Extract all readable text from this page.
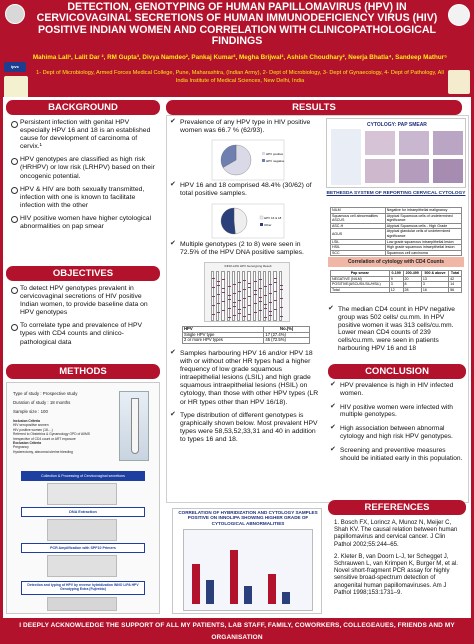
ipvc
DETECTION, GENOTYPING OF HUMAN PAPILLOMAVIRUS (HPV) IN CERVICOVAGINAL SECRETIONS OF HUMAN IMMUNODEFICIENCY VIRUS (HIV) POSITIVE INDIAN WOMEN AND CORRELATION WITH CLINICOPATHOLOGICAL FINDINGS
Mahima Lall¹, Lalit Dar ², RM Gupta³, Divya Namdeo², Pankaj Kumar², Megha Brijwal², Ashish Choudhary², Neerja Bhatla⁴, Sandeep Mathur⁵
1- Dept of Microbiology, Armed Forces Medical College, Pune, Maharashtra, (Indian Army), 2- Dept of Microbiology, 3- Dept of Gynaecology, 4- Dept of Pathology, All India Institute of Medical Sciences, New Delhi, India
BACKGROUND
Persistent infection with genital HPV especially HPV 16 and 18 is an established cause for development of carcinoma of cervix.¹
HPV genotypes are classified as high risk (HRHPV) or low risk (LRHPV) based on their oncogenic potential.
HPV & HIV are both sexually transmitted, infection with one is known to facilitate infection with the other
HIV positive women have higher cytological abnormalities on pap smear
OBJECTIVES
To detect HPV genotypes prevalent in cervicovaginal secretions of HIV positive Indian women, to provide baseline data on HPV genotypes
To correlate type and prevalence of HPV types with CD4 counts and clinico-pathological data
METHODS
Type of study : Prospective study
Duration of study : 18 months
Sample size : 100
Inclusion Criteria
HIV seropositive women
HIV positive women (18-...)
Referred to Obstetrics & Gynaecology OPD of AIIMS
Irrespective of CD4 count or ART exposure
Exclusion Criteria
Pregnancy
Hysterectomy, abnormal uterine bleeding
Collection & Processing of Cervicovaginal secretions
DNA Extraction
PCR Amplification with SPF10 Primers
Detection and typing of HPV by reverse hybridization INNO LiPA HPV Genotyping Extra (Fujirebio)
RESULTS
✔ Prevalence of any HPV type in HIV positive women was 66.7 % (62/93).
HPV positive
HPV negative
✔ HPV 16 and 18 comprised 48.4% (30/62) of total positive samples.
HPV 16 & 18
Other
✔ Multiple genotypes (2 to 8) were seen in 72.5% of the HPV DNA positive samples.
INNO-LiPA HPV Genotyping Result
HPV	No.(%)
Single HPV type	17 (27.4%)
2 or more HPV types	45 (72.5%)
✔ Samples harbouring HPV 16 and/or HPV 18 with or without other HR types had a higher frequency of low grade squamous intraepithelial lesions (LSIL) and high grade squamous intraepithelial lesions (HSIL) on cytology, than those with other HPV types (LR or HR types other than HPV 16/18).
✔ Type distribution of different genotypes is graphically shown below. Most prevalent HPV types were 58,53,52,33,31 and 40 in addition to types 16 and 18.
CORRELATION OF HYBRIDIZATION AND CYTOLOGY SAMPLES POSITIVE ON INNOLIPA SHOWING HIGHER GRADE OF CYTOLOGICAL ABNORMALITIES
CYTOLOGY: PAP SMEAR
BETHESDA SYSTEM OF REPORTING CERVICAL CYTOLOGY
NILM	Negative for intraepithelial malignancy
Squamous cell abnormalities ASCUS	Atypical Squamous cells of undetermined significance
ASC-H	Atypical Squamous cells - High Grade
AGUS	Atypical glandular cells of undetermined significance
LSIL	Low grade squamous intraepithelial lesion
HSIL	High grade squamous intraepithelial lesion
SCC	Squamous cell carcinoma
Correlation of cytology with CD4 Counts
Pap smear	0-199	200-499	500 & above	Total
NEGATIVE (NILM)	9	20	13	42
POSITIVE(ASCUS/LSIL/HSIL)	3	8	3	14
Total	12	28	16	56
✔ The median CD4 count in HPV negative group was 502 cells/ cu.mm. In HPV positive women it was 313 cells/cu.mm. Lower mean CD4 counts of 239 cells/cu.mm. were seen in patients harbouring HPV 16 and 18
CONCLUSION
✔ HPV prevalence is high in HIV infected women.
✔ HIV positive women were infected with multiple genotypes.
✔ High association between abnormal cytology and high risk HPV genotypes.
✔ Screening and preventive measures should be initiated early in this population.
REFERENCES
1. Bosch FX, Lorincz A, Munoz N, Meijer C, Shah KV. The causal relation between human papillomavirus and cervical cancer. J Clin Pathol 2002;55:244–65.
2. Kleter B, van Doorn L-J, ter Schegget J, Schrauwen L, van Krimpen K, Burger M, et al. Novel short-fragment PCR assay for highly sensitive broad-spectrum detection of anogenital human papillomaviruses. Am J Pathol 1998;153:1731–9.
I DEEPLY ACKNOWLEDGE THE SUPPORT OF ALL MY PATIENTS, LAB STAFF, FAMILY, COWORKERS, COLLEGEAUES, FRIENDS AND MY ORGANISATION
